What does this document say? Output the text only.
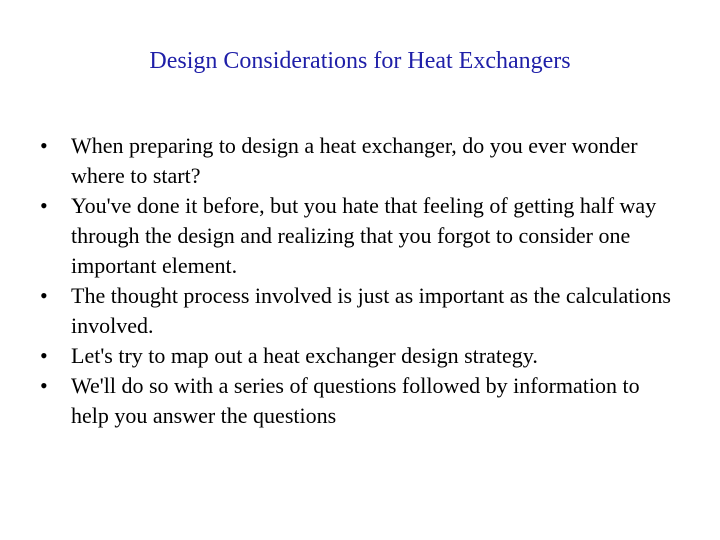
Design Considerations for Heat Exchangers
•	When preparing to design a heat exchanger, do you ever wonder where to start?
•	You've done it before, but you hate that feeling of getting half way through the design and realizing that you forgot to consider one important element.
•	The thought process involved is just as important as the calculations involved.
•	Let's try to map out a heat exchanger design strategy.
•	We'll do so with a series of questions followed by information to help you answer the questions
